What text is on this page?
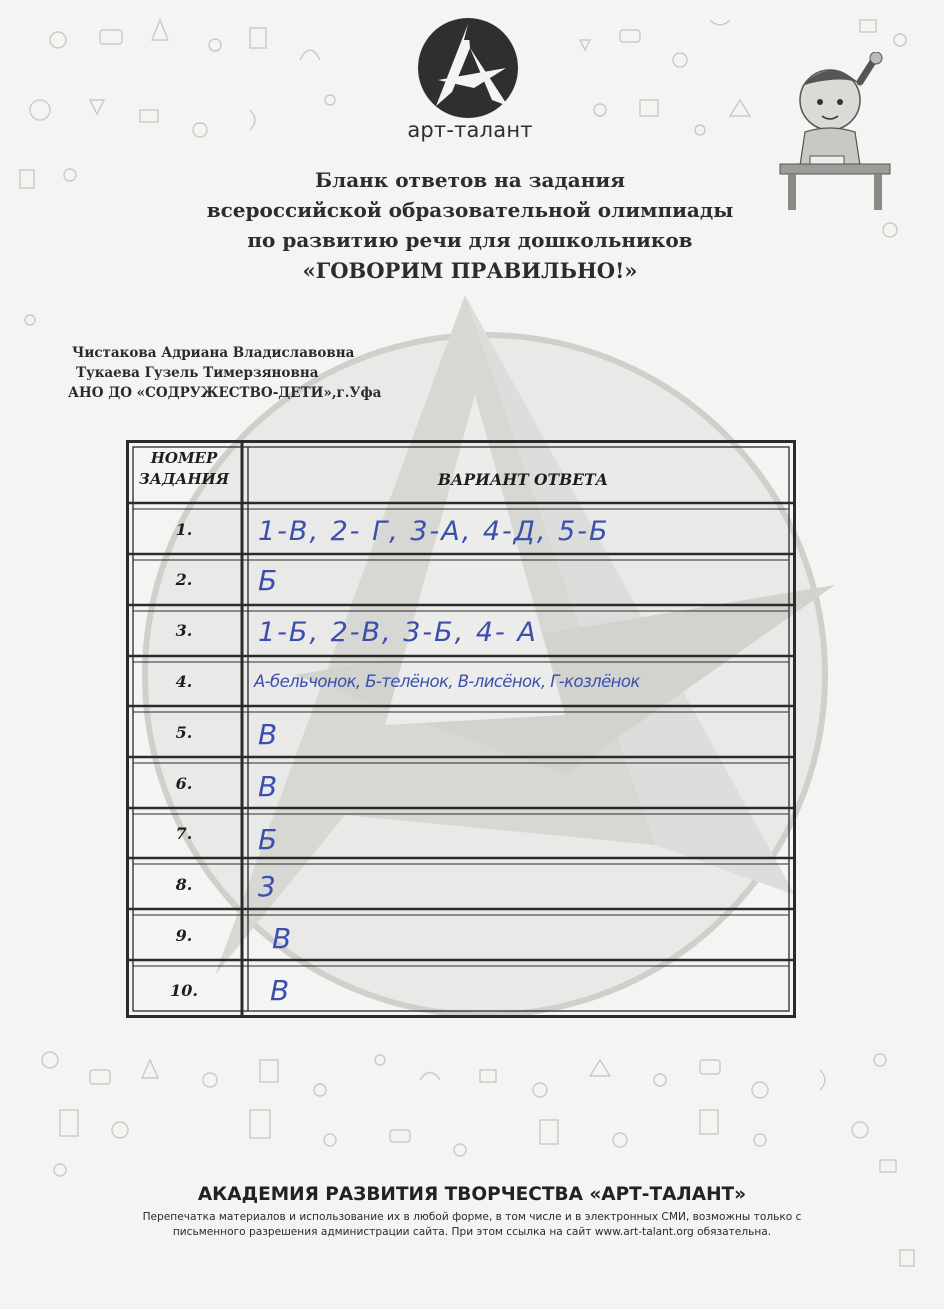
арт-талант
Бланк ответов на задания
всероссийской образовательной олимпиады
по развитию речи для дошкольников
«ГОВОРИМ ПРАВИЛЬНО!»
Чистакова Адриана Владиславовна
Тукаева Гузель Тимерзяновна
АНО ДО «СОДРУЖЕСТВО-ДЕТИ»,г.Уфа
НОМЕР
ЗАДАНИЯ	ВАРИАНТ ОТВЕТА
1.	1-В, 2- Г, 3-А, 4-Д, 5-Б
2.	Б
3.	1-Б, 2-В, 3-Б, 4- А
4.	А-бельчонок, Б-телёнок, В-лисёнок, Г-козлёнок
5.	В
6.	В
7.	Б
8.	3
9.	В
10.	В
АКАДЕМИЯ РАЗВИТИЯ ТВОРЧЕСТВА «АРТ-ТАЛАНТ»
Перепечатка материалов и использование их в любой форме, в том числе и в электронных СМИ, возможны только с
письменного разрешения администрации сайта. При этом ссылка на сайт www.art-talant.org обязательна.
